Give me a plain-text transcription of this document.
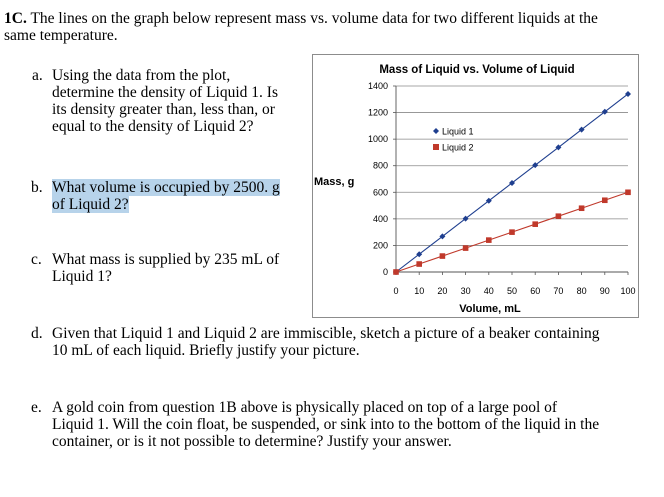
1C. The lines on the graph below represent mass vs. volume data for two different liquids at the
same temperature.
a. Using the data from the plot,
determine the density of Liquid 1. Is
its density greater than, less than, or
equal to the density of Liquid 2?
b. What volume is occupied by 2500. g
of Liquid 2?
c. What mass is supplied by 235 mL of
Liquid 1?
d. Given that Liquid 1 and Liquid 2 are immiscible, sketch a picture of a beaker containing
10 mL of each liquid. Briefly justify your picture.
e. A gold coin from question 1B above is physically placed on top of a large pool of
Liquid 1. Will the coin float, be suspended, or sink into to the bottom of the liquid in the
container, or is it not possible to determine? Justify your answer.
Mass of Liquid vs. Volume of Liquid
Mass, g
Volume, mL
0
200
400
600
800
1000
1200
1400
0 10 20 30 40 50 60 70 80 90 100
Liquid 1
Liquid 2
